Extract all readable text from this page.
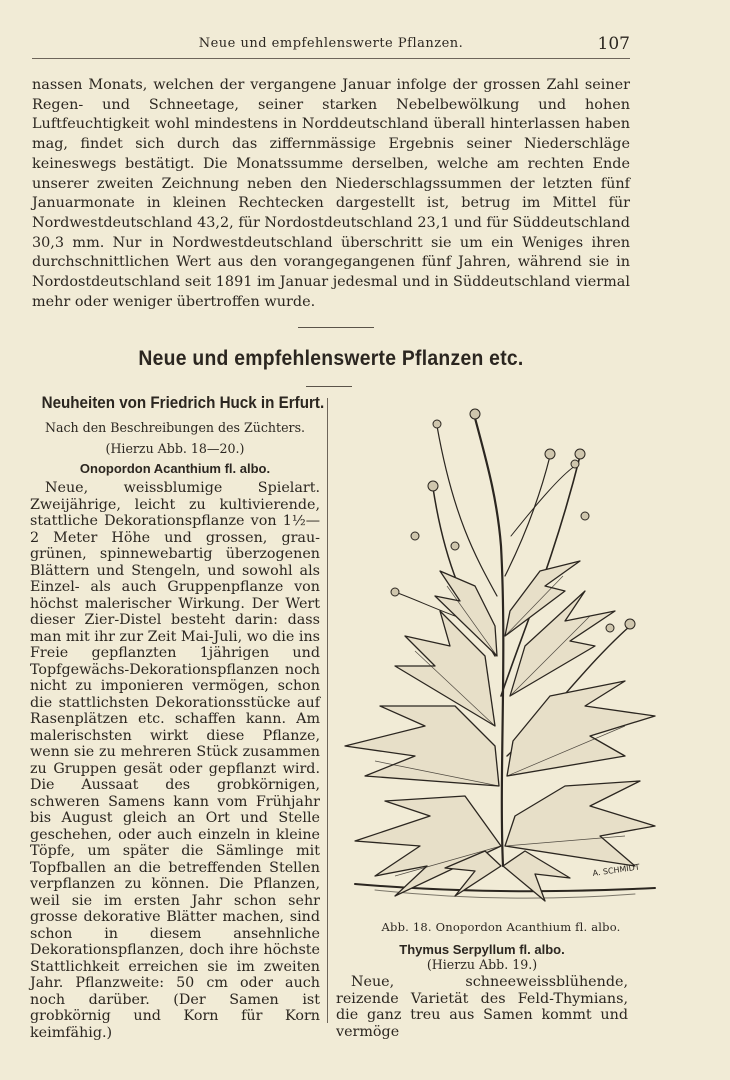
Neue und empfehlenswerte Pflanzen.	107

nassen Monats, welchen der vergangene Januar infolge der grossen Zahl seiner Regen- und Schneetage, seiner starken Nebelbewölkung und hohen Luftfeuchtigkeit wohl mindestens in Norddeutschland überall hinterlassen haben mag, findet sich durch das ziffernmässige Ergebnis seiner Niederschläge keineswegs bestätigt. Die Monatssumme derselben, welche am rechten Ende unserer zweiten Zeichnung neben den Niederschlagssummen der letzten fünf Januarmonate in kleinen Rechtecken dargestellt ist, betrug im Mittel für Nordwestdeutschland 43,2, für Nordostdeutschland 23,1 und für Süddeutschland 30,3 mm. Nur in Nordwestdeutschland überschritt sie um ein Weniges ihren durchschnittlichen Wert aus den vorangegangenen fünf Jahren, während sie in Nordostdeutschland seit 1891 im Januar jedesmal und in Süddeutschland viermal mehr oder weniger übertroffen wurde.

Neue und empfehlenswerte Pflanzen etc.
Neuheiten von Friedrich Huck in Erfurt.

Nach den Beschreibungen des Züchters.

(Hierzu Abb. 18—20.)

Onopordon Acanthium fl. albo.

Neue, weissblumige Spielart. Zweijährige, leicht zu kultivierende, stattliche Dekorationspflanze von 1½—2 Meter Höhe und grossen, grau-grünen, spinnewebartig überzogenen Blättern und Stengeln, und sowohl als Einzel- als auch Gruppenpflanze von höchst malerischer Wirkung. Der Wert dieser Zier-Distel besteht darin: dass man mit ihr zur Zeit Mai-Juli, wo die ins Freie gepflanzten 1jährigen und Topfgewächs-Dekorationspflanzen noch nicht zu imponieren vermögen, schon die stattlichsten Dekorationsstücke auf Rasenplätzen etc. schaffen kann. Am malerischsten wirkt diese Pflanze, wenn sie zu mehreren Stück zusammen zu Gruppen gesät oder gepflanzt wird. Die Aussaat des grobkörnigen, schweren Samens kann vom Frühjahr bis August gleich an Ort und Stelle geschehen, oder auch einzeln in kleine Töpfe, um später die Sämlinge mit Topfballen an die betreffenden Stellen verpflanzen zu können. Die Pflanzen, weil sie im ersten Jahr schon sehr grosse dekorative Blätter machen, sind schon in diesem ansehnliche Dekorationspflanzen, doch ihre höchste Stattlichkeit erreichen sie im zweiten Jahr. Pflanzweite: 50 cm oder auch noch darüber. (Der Samen ist grobkörnig und Korn für Korn keimfähig.)

A. SCHMIDT
Abb. 18. Onopordon Acanthium fl. albo.
Thymus Serpyllum fl. albo.

(Hierzu Abb. 19.)

Neue, schneeweissblühende, reizende Varietät des Feld-Thymians, die ganz treu aus Samen kommt und vermöge
